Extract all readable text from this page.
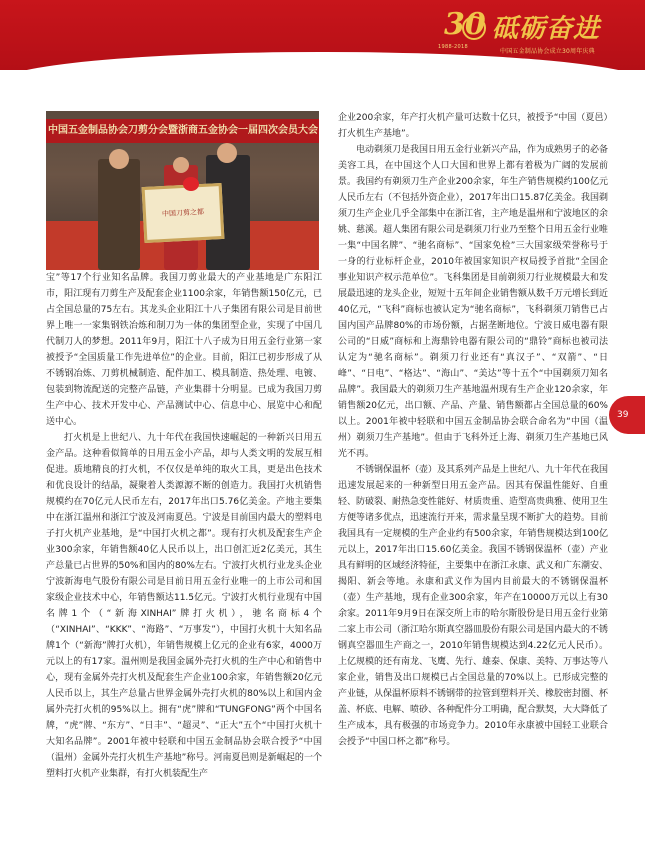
30
1988-2018
砥砺奋进
中国五金制品协会成立30周年庆典
中国五金制品协会刀剪分会暨浙商五金协会一届四次会员大会
中国刀剪之都

宝”等17个行业知名品牌。我国刀剪业最大的产业基地是广东阳江市，阳江现有刀剪生产及配套企业1100余家，年销售额150亿元，已占全国总量的75左右。其龙头企业阳江十八子集团有限公司是目前世界上唯一一家集钢铁冶炼和制刀为一体的集团型企业，实现了中国几代制刀人的梦想。2011年9月，阳江十八子成为日用五金行业第一家被授予“全国质量工作先进单位”的企业。目前，阳江已初步形成了从不锈钢冶炼、刀剪机械制造、配件加工、模具制造、热处理、电镀、包装到物流配送的完整产品链，产业集群十分明显。已成为我国刀剪生产中心、技术开发中心、产品测试中心、信息中心、展览中心和配送中心。

打火机是上世纪八、九十年代在我国快速崛起的一种新兴日用五金产品。这种看似简单的日用五金小产品，却与人类文明的发展互相促进。质地精良的打火机，不仅仅是单纯的取火工具，更是出色技术和优良设计的结晶，凝聚着人类源源不断的创造力。我国打火机销售规模约在70亿元人民币左右，2017年出口5.76亿美金。产地主要集中在浙江温州和浙江宁波及河南夏邑。宁波是目前国内最大的塑料电子打火机产业基地，是“中国打火机之都”。现有打火机及配套生产企业300余家，年销售额40亿人民币以上，出口创汇近2亿美元，其生产总量已占世界的50%和国内的80%左右。宁波打火机行业龙头企业宁波新海电气股份有限公司是目前日用五金行业唯一的上市公司和国家级企业技术中心，年销售额达11.5亿元。宁波打火机行业现有中国名牌1个（“新海XINHAI”牌打火机），驰名商标4个（“XINHAI”、“KKK”、“海路”、“万事发”），中国打火机十大知名品牌1个（“新海”牌打火机），年销售规模上亿元的企业有6家，4000万元以上的有17家。温州则是我国金属外壳打火机的生产中心和销售中心，现有金属外壳打火机及配套生产企业100余家，年销售额20亿元人民币以上，其生产总量占世界金属外壳打火机的80%以上和国内金属外壳打火机的95%以上。拥有“虎”牌和“TUNGFONG”两个中国名牌，“虎”牌、“东方”、“日丰”、“超灵”、“正大”五个“中国打火机十大知名品牌”。2001年被中轻联和中国五金制品协会联合授予“中国（温州）金属外壳打火机生产基地”称号。河南夏邑则是新崛起的一个塑料打火机产业集群，有打火机装配生产

企业200余家，年产打火机产量可达数十亿只，被授予“中国（夏邑）打火机生产基地”。

电动剃须刀是我国日用五金行业新兴产品，作为成熟男子的必备美容工具，在中国这个人口大国和世界上都有着极为广阔的发展前景。我国约有剃须刀生产企业200余家，年生产销售规模约100亿元人民币左右（不包括外资企业），2017年出口15.87亿美金。我国剃须刀生产企业几乎全部集中在浙江省，主产地是温州和宁波地区的余姚、慈溪。超人集团有限公司是剃须刀行业乃至整个日用五金行业唯一集“中国名牌”、“驰名商标”、“国家免检”三大国家级荣誉称号于一身的行业标杆企业，2010年被国家知识产权局授予首批“全国企事业知识产权示范单位”。飞科集团是目前剃须刀行业规模最大和发展最迅速的龙头企业，短短十五年间企业销售额从数千万元增长到近40亿元，“飞科”商标也被认定为“驰名商标”，飞科剃须刀销售已占国内国产品牌80%的市场份额，占据垄断地位。宁波日威电器有限公司的“日威”商标和上海鼎铃电器有限公司的“鼎铃”商标也被司法认定为“驰名商标”。剃须刀行业还有“真汉子”、“双箭”、“日峰”、“日电”、“格达”、“海山”、“美达”等十五个“中国剃须刀知名品牌”。我国最大的剃须刀生产基地温州现有生产企业120余家，年销售额20亿元，出口额、产品、产量、销售额都占全国总量的60%以上。2001年被中轻联和中国五金制品协会联合命名为“中国（温州）剃须刀生产基地”。但由于飞科外迁上海、剃须刀生产基地已风光不再。

不锈钢保温杯（壶）及其系列产品是上世纪八、九十年代在我国迅速发展起来的一种新型日用五金产品。因其有保温性能好、自重轻、防破裂、耐热急变性能好、材质贵重、造型高贵典雅、使用卫生方便等诸多优点，迅速流行开来，需求量呈现不断扩大的趋势。目前我国具有一定规模的生产企业约有500余家，年销售规模达到100亿元以上，2017年出口15.60亿美金。我国不锈钢保温杯（壶）产业具有鲜明的区域经济特征，主要集中在浙江永康、武义和广东潮安、揭阳、新会等地。永康和武义作为国内目前最大的不锈钢保温杯（壶）生产基地，现有企业300余家，年产在10000万元以上有30余家。2011年9月9日在深交所上市的哈尔斯股份是日用五金行业第二家上市公司（浙江哈尔斯真空器皿股份有限公司是国内最大的不锈钢真空器皿生产商之一，2010年销售规模达到4.22亿元人民币）。上亿规模的还有南龙、飞鹰、先行、雄泰、保康、美特、万事达等八家企业，销售及出口规模已占全国总量的70%以上。已形成完整的产业链，从保温杯原料不锈钢带的拉管到塑料开关、橡胶密封圈、杯盖、杯底、电解、喷砂、各种配件分工明确，配合默契，大大降低了生产成本，具有极强的市场竞争力。2010年永康被中国轻工业联合会授予“中国口杯之都”称号。

39
